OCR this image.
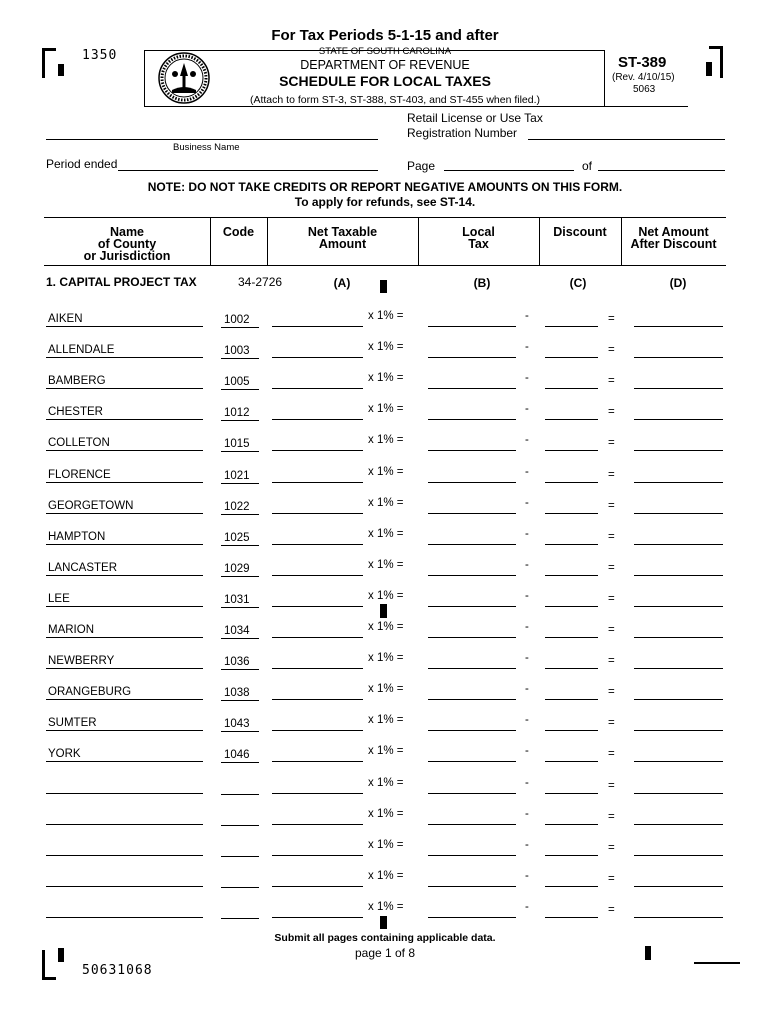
1350
For Tax Periods 5-1-15 and after
STATE OF SOUTH CAROLINA
DEPARTMENT OF REVENUE
SCHEDULE FOR LOCAL TAXES
(Attach to form ST-3, ST-388, ST-403, and ST-455 when filed.)
ST-389
(Rev. 4/10/15)
5063
Retail License or Use Tax
Registration Number
Business Name
Period ended	Page	of
NOTE: DO NOT TAKE CREDITS OR REPORT NEGATIVE AMOUNTS ON THIS FORM.
To apply for refunds, see ST-14.
Name
of County
or Jurisdiction
Code	Net Taxable
Amount
Local
Tax
Discount	Net Amount
After Discount
1. CAPITAL PROJECT TAX	34-2726	(A)	(B)	(C)	(D)
AIKEN	1002	x 1% =	-	=
ALLENDALE	1003	x 1% =	-	=
BAMBERG	1005	x 1% =	-	=
CHESTER	1012	x 1% =	-	=
COLLETON	1015	x 1% =	-	=
FLORENCE	1021	x 1% =	-	=
GEORGETOWN	1022	x 1% =	-	=
HAMPTON	1025	x 1% =	-	=
LANCASTER	1029	x 1% =	-	=
LEE	1031	x 1% =	-	=
MARION	1034	x 1% =	-	=
NEWBERRY	1036	x 1% =	-	=
ORANGEBURG	1038	x 1% =	-	=
SUMTER	1043	x 1% =	-	=
YORK	1046	x 1% =	-	=
x 1% =	-	=
x 1% =	-	=
x 1% =	-	=
x 1% =	-	=
x 1% =	-	=
Submit all pages containing applicable data.
page 1 of 8
50631068
